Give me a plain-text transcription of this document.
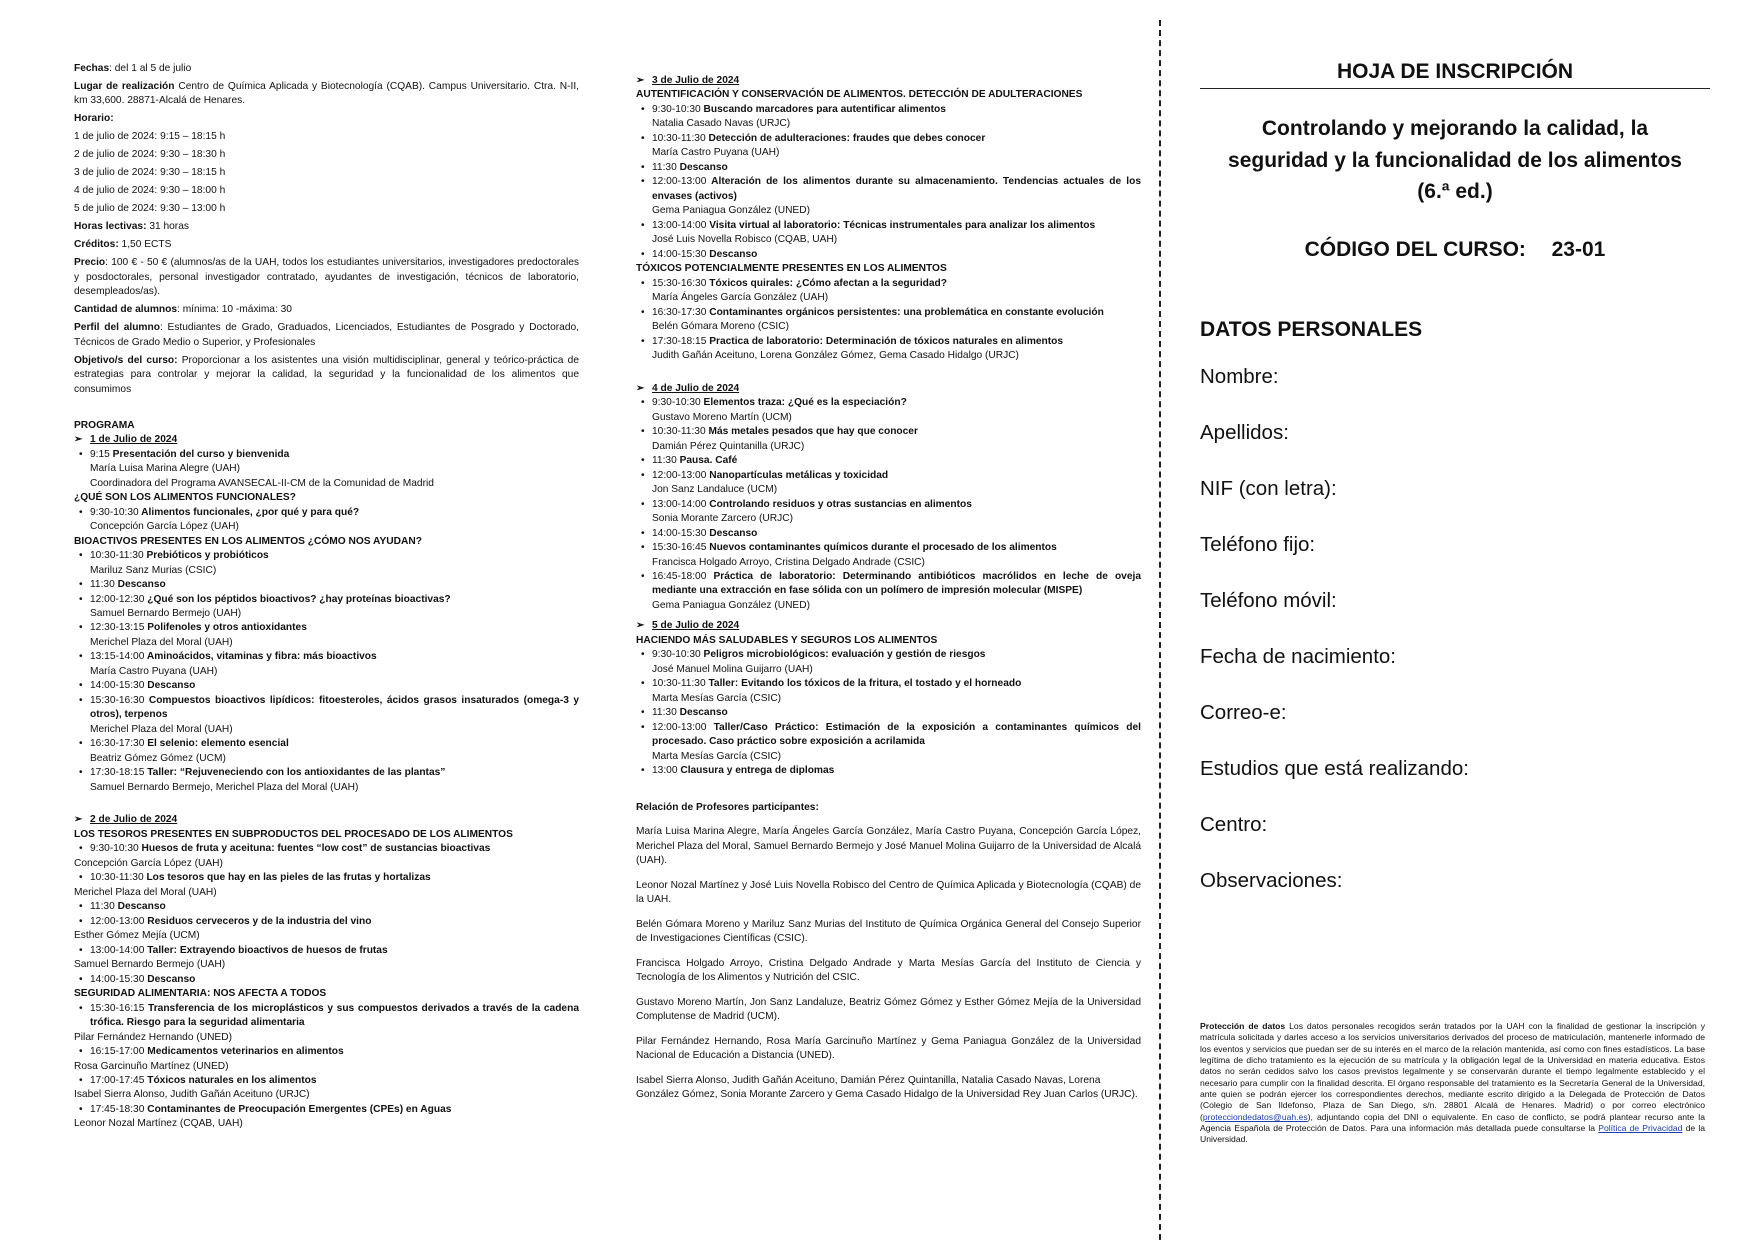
Fechas: del 1 al 5 de julio
Lugar de realización Centro de Química Aplicada y Biotecnología (CQAB). Campus Universitario. Ctra. N-II, km 33,600. 28871-Alcalá de Henares.
Horario:
1 de julio de 2024: 9:15 – 18:15 h
2 de julio de 2024: 9:30 – 18:30 h
3 de julio de 2024: 9:30 – 18:15 h
4 de julio de 2024: 9:30 – 18:00 h
5 de julio de 2024: 9:30 – 13:00 h
Horas lectivas: 31 horas
Créditos: 1,50 ECTS
Precio: 100 € - 50 € (alumnos/as de la UAH, todos los estudiantes universitarios, investigadores predoctorales y posdoctorales, personal investigador contratado, ayudantes de investigación, técnicos de laboratorio, desempleados/as).
Cantidad de alumnos: mínima: 10 -máxima: 30
Perfil del alumno: Estudiantes de Grado, Graduados, Licenciados, Estudiantes de Posgrado y Doctorado, Técnicos de Grado Medio o Superior, y Profesionales
Objetivo/s del curso: Proporcionar a los asistentes una visión multidisciplinar, general y teórico-práctica de estrategias para controlar y mejorar la calidad, la seguridad y la funcionalidad de los alimentos que consumimos
PROGRAMA
➢ 1 de Julio de 2024
• 9:15 Presentación del curso y bienvenida
María Luisa Marina Alegre (UAH)
Coordinadora del Programa AVANSECAL-II-CM de la Comunidad de Madrid
¿QUÉ SON LOS ALIMENTOS FUNCIONALES?
• 9:30-10:30 Alimentos funcionales, ¿por qué y para qué?
Concepción García López (UAH)
BIOACTIVOS PRESENTES EN LOS ALIMENTOS ¿CÓMO NOS AYUDAN?
• 10:30-11:30 Prebióticos y probióticos
Mariluz Sanz Murias (CSIC)
• 11:30 Descanso
• 12:00-12:30 ¿Qué son los péptidos bioactivos? ¿hay proteínas bioactivas?
Samuel Bernardo Bermejo (UAH)
• 12:30-13:15 Polifenoles y otros antioxidantes
Merichel Plaza del Moral (UAH)
• 13:15-14:00 Aminoácidos, vitaminas y fibra: más bioactivos
María Castro Puyana (UAH)
• 14:00-15:30 Descanso
• 15:30-16:30 Compuestos bioactivos lipídicos: fitoesteroles, ácidos grasos insaturados (omega-3 y otros), terpenos
Merichel Plaza del Moral (UAH)
• 16:30-17:30 El selenio: elemento esencial
Beatriz Gómez Gómez (UCM)
• 17:30-18:15 Taller: “Rejuveneciendo con los antioxidantes de las plantas”
Samuel Bernardo Bermejo, Merichel Plaza del Moral (UAH)
➢ 2 de Julio de 2024
LOS TESOROS PRESENTES EN SUBPRODUCTOS DEL PROCESADO DE LOS ALIMENTOS
• 9:30-10:30 Huesos de fruta y aceituna: fuentes “low cost” de sustancias bioactivas
Concepción García López (UAH)
• 10:30-11:30 Los tesoros que hay en las pieles de las frutas y hortalizas
Merichel Plaza del Moral (UAH)
• 11:30 Descanso
• 12:00-13:00 Residuos cerveceros y de la industria del vino
Esther Gómez Mejía (UCM)
• 13:00-14:00 Taller: Extrayendo bioactivos de huesos de frutas
Samuel Bernardo Bermejo (UAH)
• 14:00-15:30 Descanso
SEGURIDAD ALIMENTARIA: NOS AFECTA A TODOS
• 15:30-16:15 Transferencia de los microplásticos y sus compuestos derivados a través de la cadena trófica. Riesgo para la seguridad alimentaria
Pilar Fernández Hernando (UNED)
• 16:15-17:00 Medicamentos veterinarios en alimentos
Rosa Garcinuño Martínez (UNED)
• 17:00-17:45 Tóxicos naturales en los alimentos
Isabel Sierra Alonso, Judith Gañán Aceituno (URJC)
• 17:45-18:30 Contaminantes de Preocupación Emergentes (CPEs) en Aguas
Leonor Nozal Martínez (CQAB, UAH)
➢ 3 de Julio de 2024
AUTENTIFICACIÓN Y CONSERVACIÓN DE ALIMENTOS. DETECCIÓN DE ADULTERACIONES
• 9:30-10:30 Buscando marcadores para autentificar alimentos
Natalia Casado Navas (URJC)
• 10:30-11:30 Detección de adulteraciones: fraudes que debes conocer
María Castro Puyana (UAH)
• 11:30 Descanso
• 12:00-13:00 Alteración de los alimentos durante su almacenamiento. Tendencias actuales de los envases (activos)
Gema Paniagua González (UNED)
• 13:00-14:00 Visita virtual al laboratorio: Técnicas instrumentales para analizar los alimentos
José Luis Novella Robisco (CQAB, UAH)
• 14:00-15:30 Descanso
TÓXICOS POTENCIALMENTE PRESENTES EN LOS ALIMENTOS
• 15:30-16:30 Tóxicos quirales: ¿Cómo afectan a la seguridad?
María Ángeles García González (UAH)
• 16:30-17:30 Contaminantes orgánicos persistentes: una problemática en constante evolución
Belén Gómara Moreno (CSIC)
• 17:30-18:15 Practica de laboratorio: Determinación de tóxicos naturales en alimentos
Judith Gañán Aceituno, Lorena González Gómez, Gema Casado Hidalgo (URJC)
➢ 4 de Julio de 2024
• 9:30-10:30 Elementos traza: ¿Qué es la especiación?
Gustavo Moreno Martín (UCM)
• 10:30-11:30 Más metales pesados que hay que conocer
Damián Pérez Quintanilla (URJC)
• 11:30 Pausa. Café
• 12:00-13:00 Nanopartículas metálicas y toxicidad
Jon Sanz Landaluce (UCM)
• 13:00-14:00 Controlando residuos y otras sustancias en alimentos
Sonia Morante Zarcero (URJC)
• 14:00-15:30 Descanso
• 15:30-16:45 Nuevos contaminantes químicos durante el procesado de los alimentos
Francisca Holgado Arroyo, Cristina Delgado Andrade (CSIC)
• 16:45-18:00 Práctica de laboratorio: Determinando antibióticos macrólidos en leche de oveja mediante una extracción en fase sólida con un polímero de impresión molecular (MISPE)
Gema Paniagua González (UNED)
➢ 5 de Julio de 2024
HACIENDO MÁS SALUDABLES Y SEGUROS LOS ALIMENTOS
• 9:30-10:30 Peligros microbiológicos: evaluación y gestión de riesgos
José Manuel Molina Guijarro (UAH)
• 10:30-11:30 Taller: Evitando los tóxicos de la fritura, el tostado y el horneado
Marta Mesías García (CSIC)
• 11:30 Descanso
• 12:00-13:00 Taller/Caso Práctico: Estimación de la exposición a contaminantes químicos del procesado. Caso práctico sobre exposición a acrilamida
Marta Mesías García (CSIC)
• 13:00 Clausura y entrega de diplomas
Relación de Profesores participantes:
María Luisa Marina Alegre, María Ángeles García González, María Castro Puyana, Concepción García López, Merichel Plaza del Moral, Samuel Bernardo Bermejo y José Manuel Molina Guijarro de la Universidad de Alcalá (UAH).
Leonor Nozal Martínez y José Luis Novella Robisco del Centro de Química Aplicada y Biotecnología (CQAB) de la UAH.
Belén Gómara Moreno y Mariluz Sanz Murias del Instituto de Química Orgánica General del Consejo Superior de Investigaciones Científicas (CSIC).
Francisca Holgado Arroyo, Cristina Delgado Andrade y Marta Mesías García del Instituto de Ciencia y Tecnología de los Alimentos y Nutrición del CSIC.
Gustavo Moreno Martín, Jon Sanz Landaluze, Beatriz Gómez Gómez y Esther Gómez Mejía de la Universidad Complutense de Madrid (UCM).
Pilar Fernández Hernando, Rosa María Garcinuño Martínez y Gema Paniagua González de la Universidad Nacional de Educación a Distancia (UNED).
Isabel Sierra Alonso, Judith Gañán Aceituno, Damián Pérez Quintanilla, Natalia Casado Navas, Lorena González Gómez, Sonia Morante Zarcero y Gema Casado Hidalgo de la Universidad Rey Juan Carlos (URJC).
HOJA DE INSCRIPCIÓN
Controlando y mejorando la calidad, la
seguridad y la funcionalidad de los alimentos
(6.ª ed.)
CÓDIGO DEL CURSO: 23-01
DATOS PERSONALES
Nombre:
Apellidos:
NIF (con letra):
Teléfono fijo:
Teléfono móvil:
Fecha de nacimiento:
Correo-e:
Estudios que está realizando:
Centro:
Observaciones:
Protección de datos Los datos personales recogidos serán tratados por la UAH con la finalidad de gestionar la inscripción y matrícula solicitada y darles acceso a los servicios universitarios derivados del proceso de matriculación, mantenerle informado de los eventos y servicios que puedan ser de su interés en el marco de la relación mantenida, así como con fines estadísticos. La base legítima de dicho tratamiento es la ejecución de su matrícula y la obligación legal de la Universidad en materia educativa. Estos datos no serán cedidos salvo los casos previstos legalmente y se conservarán durante el tiempo legalmente establecido y el necesario para cumplir con la finalidad descrita. El órgano responsable del tratamiento es la Secretaría General de la Universidad, ante quien se podrán ejercer los correspondientes derechos, mediante escrito dirigido a la Delegada de Protección de Datos (Colegio de San Ildefonso, Plaza de San Diego, s/n. 28801 Alcalá de Henares. Madrid) o por correo electrónico (protecciondedatos@uah.es), adjuntando copia del DNI o equivalente. En caso de conflicto, se podrá plantear recurso ante la Agencia Española de Protección de Datos. Para una información más detallada puede consultarse la Política de Privacidad de la Universidad.
